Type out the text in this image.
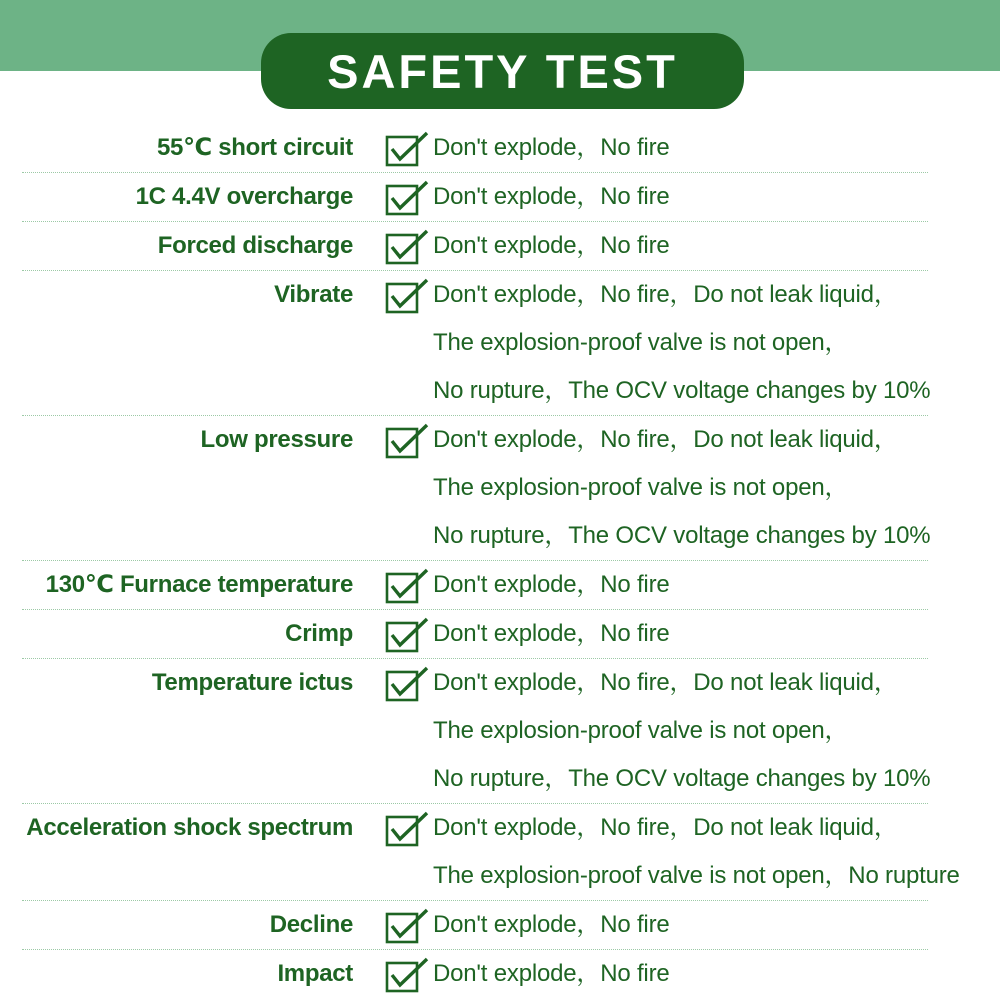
SAFETY TEST
55℃ short circuit	Don't explode，No fire
1C 4.4V overcharge	Don't explode，No fire
Forced discharge	Don't explode，No fire
Vibrate	Don't explode，No fire，Do not leak liquid，
The explosion-proof valve is not open，
No rupture，The OCV voltage changes by 10%
Low pressure	Don't explode，No fire，Do not leak liquid，
The explosion-proof valve is not open，
No rupture，The OCV voltage changes by 10%
130℃ Furnace temperature	Don't explode，No fire
Crimp	Don't explode，No fire
Temperature ictus	Don't explode，No fire，Do not leak liquid，
The explosion-proof valve is not open，
No rupture，The OCV voltage changes by 10%
Acceleration shock spectrum	Don't explode，No fire，Do not leak liquid，
The explosion-proof valve is not open，No rupture
Decline	Don't explode，No fire
Impact	Don't explode，No fire
